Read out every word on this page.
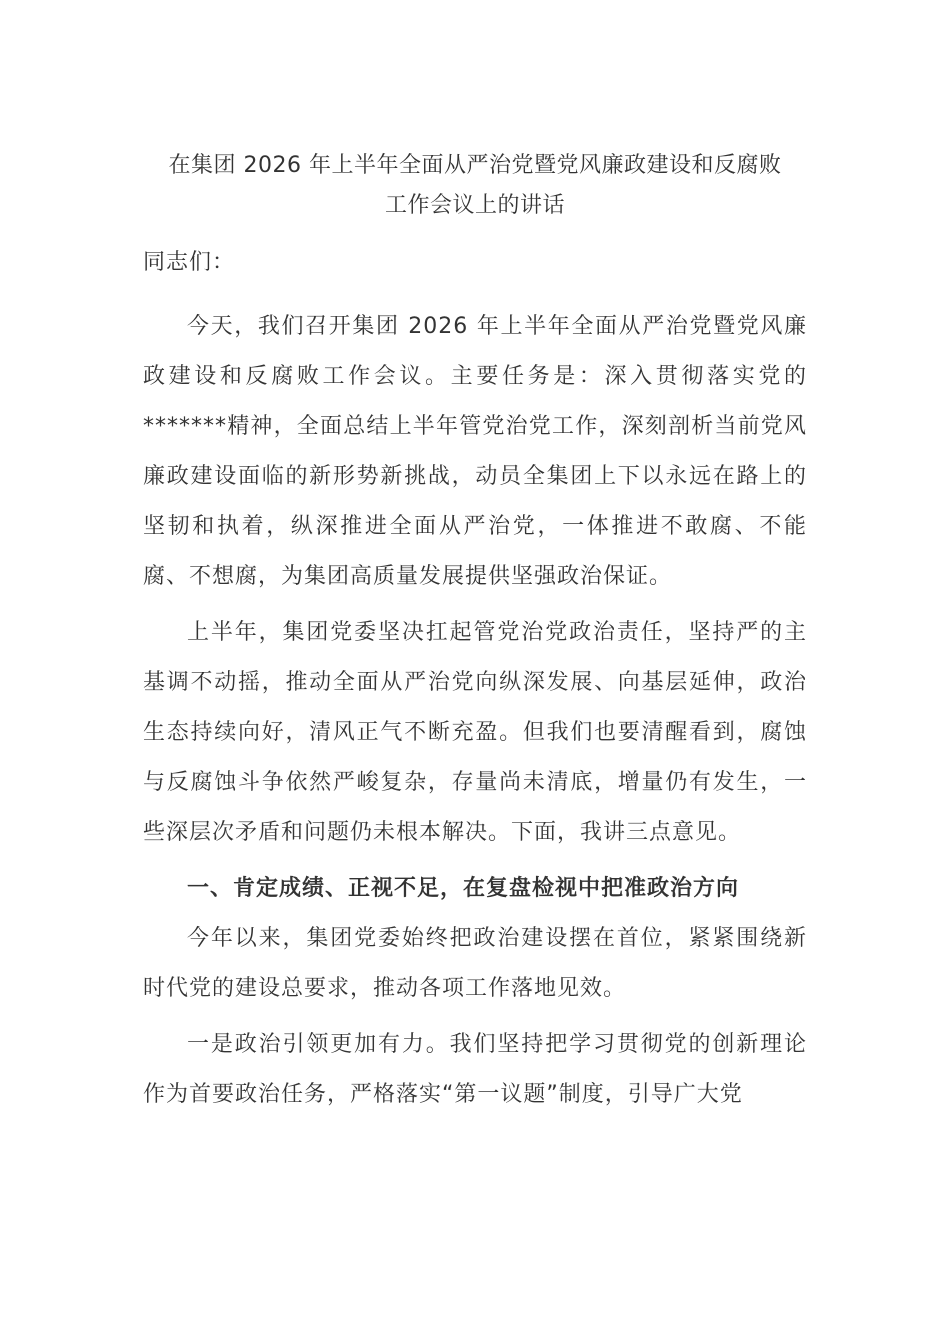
在集团 2026 年上半年全面从严治党暨党风廉政建设和反腐败
工作会议上的讲话

同志们：

今天，我们召开集团 2026 年上半年全面从严治党暨党风廉政建设和反腐败工作会议。主要任务是：深入贯彻落实党的*******精神，全面总结上半年管党治党工作，深刻剖析当前党风廉政建设面临的新形势新挑战，动员全集团上下以永远在路上的坚韧和执着，纵深推进全面从严治党，一体推进不敢腐、不能腐、不想腐，为集团高质量发展提供坚强政治保证。

上半年，集团党委坚决扛起管党治党政治责任，坚持严的主基调不动摇，推动全面从严治党向纵深发展、向基层延伸，政治生态持续向好，清风正气不断充盈。但我们也要清醒看到，腐蚀与反腐蚀斗争依然严峻复杂，存量尚未清底，增量仍有发生，一些深层次矛盾和问题仍未根本解决。下面，我讲三点意见。

一、肯定成绩、正视不足，在复盘检视中把准政治方向

今年以来，集团党委始终把政治建设摆在首位，紧紧围绕新时代党的建设总要求，推动各项工作落地见效。

一是政治引领更加有力。我们坚持把学习贯彻党的创新理论作为首要政治任务，严格落实“第一议题”制度，引导广大党
